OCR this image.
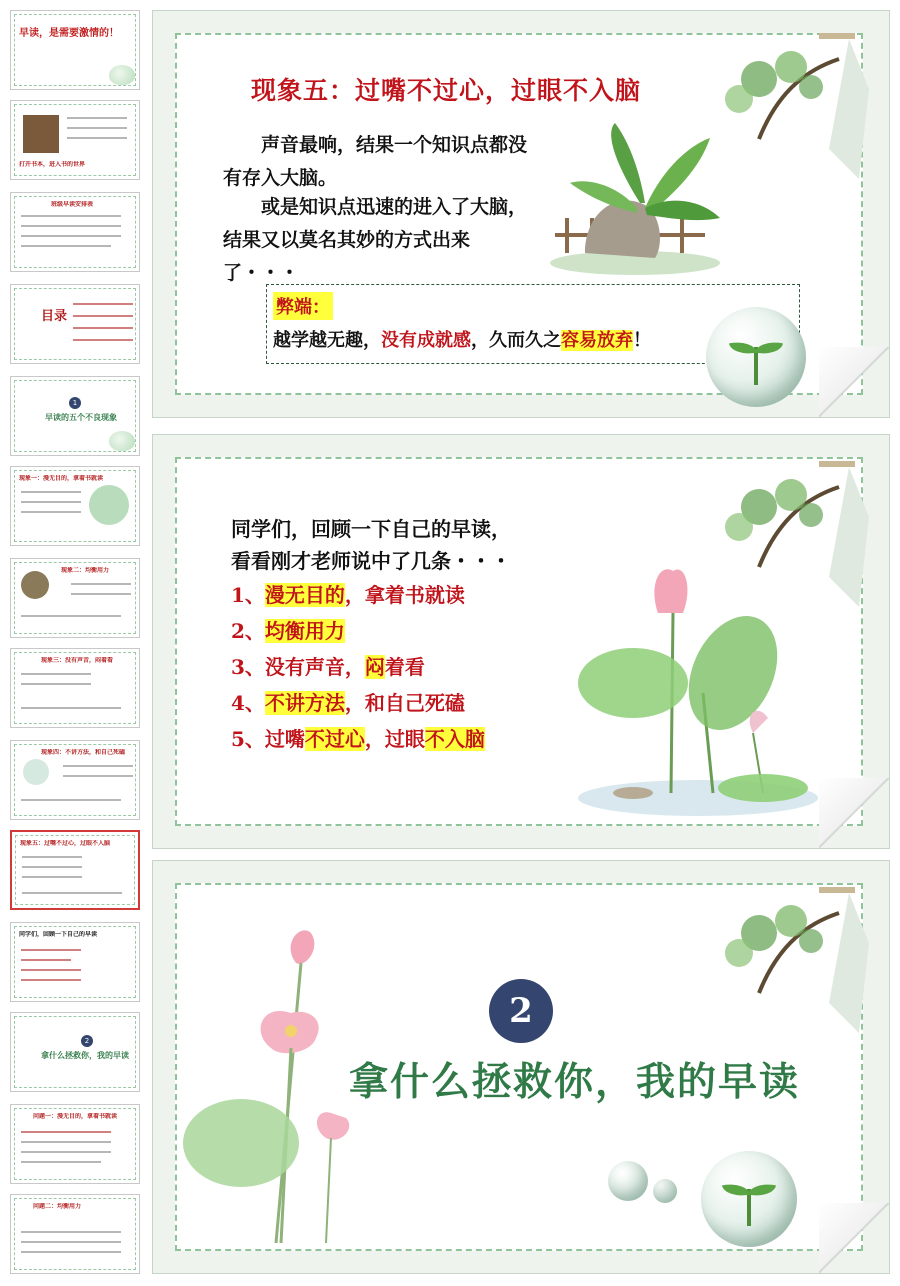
早读，是需要激情的！
打开书本，进入书的世界
班级早读安排表
目录
1
早读的五个不良现象
现象一：漫无目的，拿着书就读
现象二：均衡用力
现象三：没有声音，闷着看
现象四：不讲方法，和自己死磕
现象五：过嘴不过心，过眼不入脑
同学们，回顾一下自己的早读
2
拿什么拯救你，我的早读
问题一：漫无目的，拿着书就读
问题二：均衡用力
现象五：过嘴不过心，过眼不入脑
声音最响，结果一个知识点都没有存入大脑。
或是知识点迅速的进入了大脑，结果又以莫名其妙的方式出来了・・・
弊端：
越学越无趣，没有成就感，久而久之容易放弃！
同学们，回顾一下自己的早读，
看看刚才老师说中了几条・・・
1、漫无目的，拿着书就读
2、均衡用力
3、没有声音，闷着看
4、不讲方法，和自己死磕
5、过嘴不过心，过眼不入脑
2
拿什么拯救你，我的早读
